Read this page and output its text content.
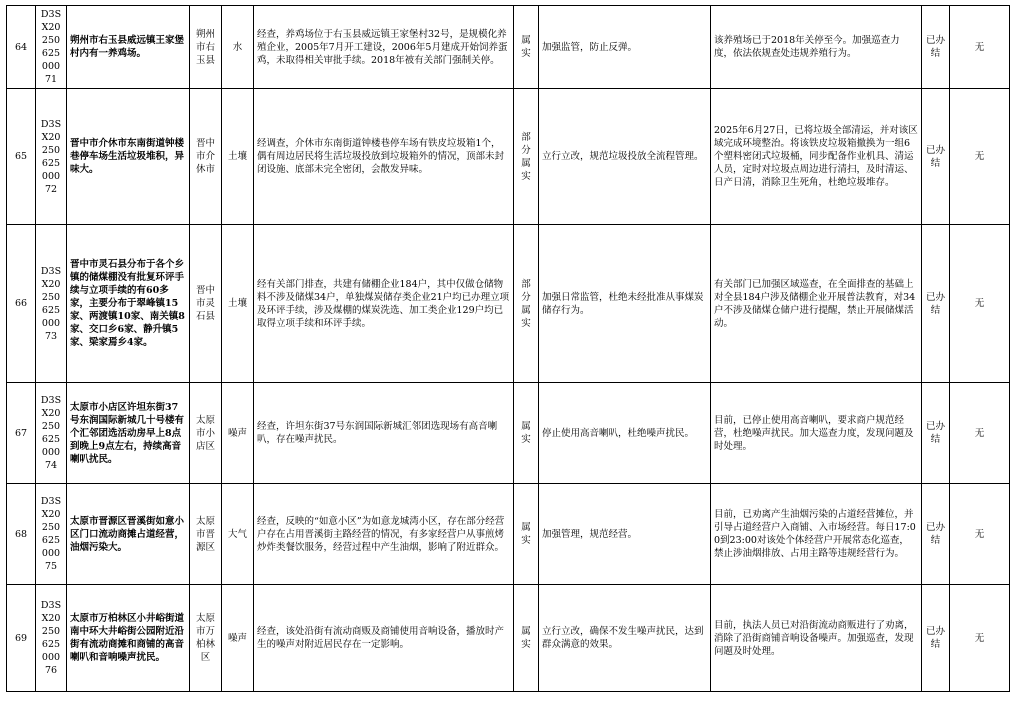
64	D3SX2025062500071	朔州市右玉县威远镇王家堡村内有一养鸡场。	朔州市右玉县	水	经查，养鸡场位于右玉县威远镇王家堡村32号，是规模化养殖企业，2005年7月开工建设，2006年5月建成开始饲养蛋鸡，未取得相关审批手续。2018年被有关部门强制关停。	属实	加强监管，防止反弹。	该养殖场已于2018年关停至今。加强巡查力度，依法依规查处违规养殖行为。	已办结	无
65	D3SX2025062500072	晋中市介休市东南街道钟楼巷停车场生活垃圾堆积，异味大。	晋中市介休市	土壤	经调查，介休市东南街道钟楼巷停车场有铁皮垃圾箱1个，偶有周边居民将生活垃圾投放到垃圾箱外的情况，顶部未封闭设施、底部未完全密闭，会散发异味。	部分属实	立行立改，规范垃圾投放全流程管理。	2025年6月27日，已将垃圾全部清运，并对该区域完成环境整治。将该铁皮垃圾箱撤换为一组6个塑料密闭式垃圾桶，同步配备作业机具、清运人员，定时对垃圾点周边进行清扫，及时清运、日产日清，消除卫生死角，杜绝垃圾堆存。	已办结	无
66	D3SX2025062500073	晋中市灵石县分布于各个乡镇的储煤棚没有批复环评手续与立项手续的有60多家，主要分布于翠峰镇15家、两渡镇10家、南关镇8家、交口乡6家、静升镇5家、梁家焉乡4家。	晋中市灵石县	土壤	经有关部门排查，共建有储棚企业184户，其中仅做仓储物料不涉及储煤34户，单独煤炭储存类企业21户均已办理立项及环评手续，涉及煤棚的煤炭洗选、加工类企业129户均已取得立项手续和环评手续。	部分属实	加强日常监管，杜绝未经批准从事煤炭储存行为。	有关部门已加强区域巡查，在全面排查的基础上对全县184户涉及储棚企业开展普法教育，对34户不涉及储煤仓储户进行提醒，禁止开展储煤活动。	已办结	无
67	D3SX2025062500074	太原市小店区许坦东街37号东润国际新城几十号楼有个汇邻团选活动房早上8点到晚上9点左右，持续高音喇叭扰民。	太原市小店区	噪声	经查，许坦东街37号东润国际新城汇邻团选现场有高音喇叭，存在噪声扰民。	属实	停止使用高音喇叭，杜绝噪声扰民。	目前，已停止使用高音喇叭，要求商户规范经营，杜绝噪声扰民。加大巡查力度，发现问题及时处理。	已办结	无
68	D3SX2025062500075	太原市晋源区晋溪街如意小区门口流动商摊占道经营，油烟污染大。	太原市晋源区	大气	经查，反映的“如意小区”为如意龙城湾小区，存在部分经营户存在占用晋溪街主路经营的情况，有多家经营户从事煎烤炒炸类餐饮服务，经营过程中产生油烟，影响了附近群众。	属实	加强管理，规范经营。	目前，已劝离产生油烟污染的占道经营摊位，并引导占道经营户入商铺、入市场经营。每日17:00到23:00对该处个体经营户开展常态化巡查，禁止涉油烟排放、占用主路等违规经营行为。	已办结	无
69	D3SX2025062500076	太原市万柏林区小井峪街道南中环大井峪街公园附近沿街有流动商摊和商铺的高音喇叭和音响噪声扰民。	太原市万柏林区	噪声	经查，该处沿街有流动商贩及商铺使用音响设备，播放时产生的噪声对附近居民存在一定影响。	属实	立行立改，确保不发生噪声扰民，达到群众满意的效果。	目前，执法人员已对沿街流动商贩进行了劝离，消除了沿街商铺音响设备噪声。加强巡查，发现问题及时处理。	已办结	无
